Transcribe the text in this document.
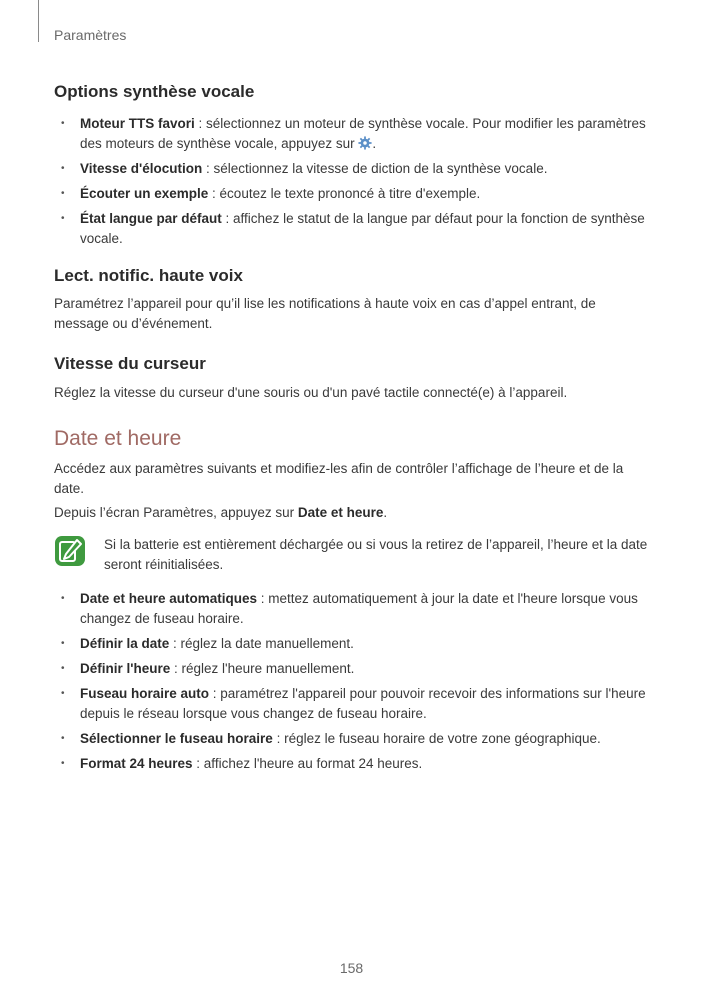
Paramètres
Options synthèse vocale
• Moteur TTS favori : sélectionnez un moteur de synthèse vocale. Pour modifier les paramètres des moteurs de synthèse vocale, appuyez sur .
• Vitesse d'élocution : sélectionnez la vitesse de diction de la synthèse vocale.
• Écouter un exemple : écoutez le texte prononcé à titre d'exemple.
• État langue par défaut : affichez le statut de la langue par défaut pour la fonction de synthèse vocale.
Lect. notific. haute voix

Paramétrez l’appareil pour qu’il lise les notifications à haute voix en cas d’appel entrant, de message ou d’événement.

Vitesse du curseur

Réglez la vitesse du curseur d'une souris ou d'un pavé tactile connecté(e) à l’appareil.

Date et heure

Accédez aux paramètres suivants et modifiez-les afin de contrôler l’affichage de l’heure et de la date.

Depuis l’écran Paramètres, appuyez sur Date et heure.

Si la batterie est entièrement déchargée ou si vous la retirez de l’appareil, l’heure et la date seront réinitialisées.

• Date et heure automatiques : mettez automatiquement à jour la date et l'heure lorsque vous changez de fuseau horaire.
• Définir la date : réglez la date manuellement.
• Définir l'heure : réglez l'heure manuellement.
• Fuseau horaire auto : paramétrez l'appareil pour pouvoir recevoir des informations sur l'heure depuis le réseau lorsque vous changez de fuseau horaire.
• Sélectionner le fuseau horaire : réglez le fuseau horaire de votre zone géographique.
• Format 24 heures : affichez l'heure au format 24 heures.
158
